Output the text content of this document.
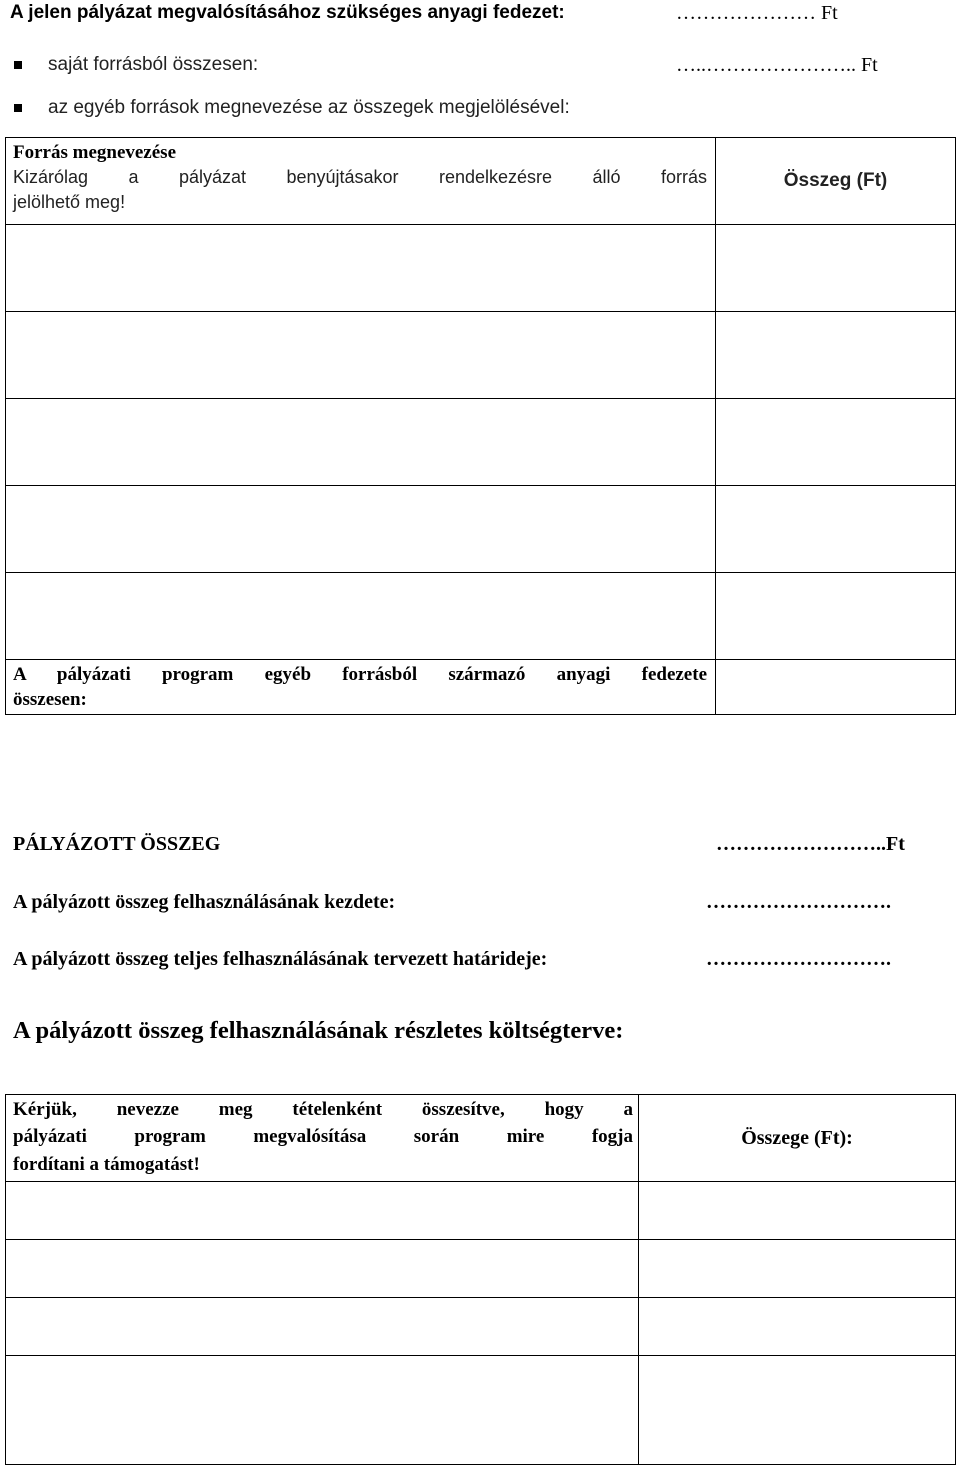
A jelen pályázat megvalósításához szükséges anyagi fedezet:	………………… Ft
saját forrásból összesen:	…..………………….. Ft
az egyéb források megnevezése az összegek megjelölésével:
Forrás megnevezése
Kizárólag a pályázat benyújtásakor rendelkezésre álló forrás
jelölhető meg!	Összeg (Ft)

A pályázati program egyéb forrásból származó anyagi fedezete
összesen:	

PÁLYÁZOTT ÖSSZEG	……………………..Ft
A pályázott összeg felhasználásának kezdete:	……………………….
A pályázott összeg teljes felhasználásának tervezett határideje:	……………………….
A pályázott összeg felhasználásának részletes költségterve:
Kérjük, nevezze meg tételenként összesítve, hogy a
pályázati program megvalósítása során mire fogja
fordítani a támogatást!	Összege (Ft):
